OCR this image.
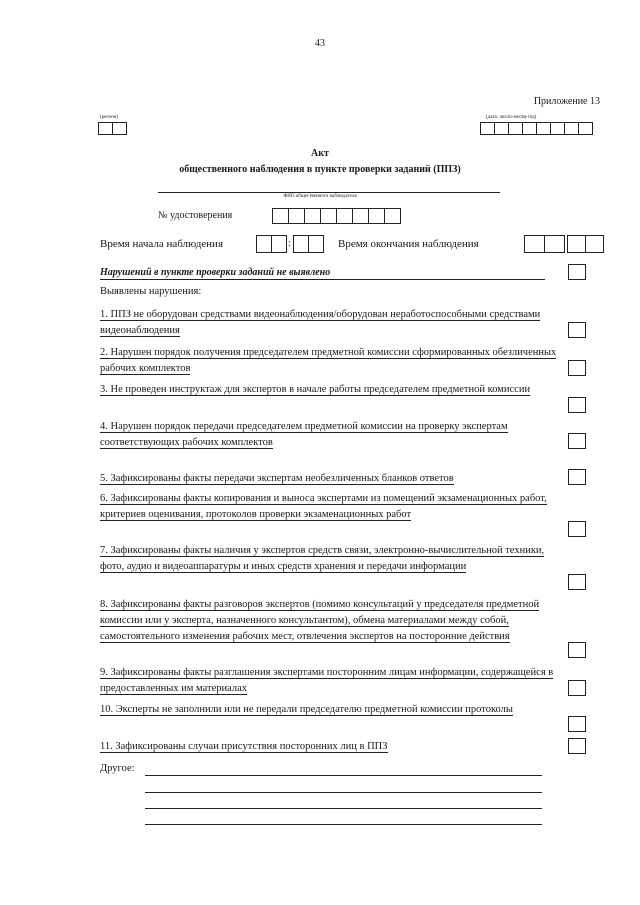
43
Приложение 13
(регион)	(дата: число-месяц-год)
Акт
общественного наблюдения в пункте проверки заданий (ППЗ)
ФИО общественного наблюдателя
№ удостоверения
Время начала наблюдения	:	Время окончания наблюдения	:
Нарушений в пункте проверки заданий не выявлено
Выявлены нарушения:
1. ППЗ не оборудован средствами видеонаблюдения/оборудован неработоспособными средствами видеонаблюдения
2. Нарушен порядок получения председателем предметной комиссии сформированных обезличенных рабочих комплектов
3. Не проведен инструктаж для экспертов в начале работы председателем предметной комиссии
4. Нарушен порядок передачи председателем предметной комиссии на проверку экспертам соответствующих рабочих комплектов
5. Зафиксированы факты передачи экспертам необезличенных бланков ответов
6. Зафиксированы факты копирования и выноса экспертами из помещений экзаменационных работ, критериев оценивания, протоколов проверки экзаменационных работ
7. Зафиксированы факты наличия у экспертов средств связи, электронно-вычислительной техники, фото, аудио и видеоаппаратуры и иных средств хранения и передачи информации
8. Зафиксированы факты разговоров экспертов (помимо консультаций у председателя предметной комиссии или у эксперта, назначенного консультантом), обмена материалами между собой, самостоятельного изменения рабочих мест, отвлечения экспертов на посторонние действия
9. Зафиксированы факты разглашения экспертами посторонним лицам информации, содержащейся в предоставленных им материалах
10. Эксперты не заполнили или не передали председателю предметной комиссии протоколы
11. Зафиксированы случаи присутствия посторонних лиц в ППЗ
Другое:
